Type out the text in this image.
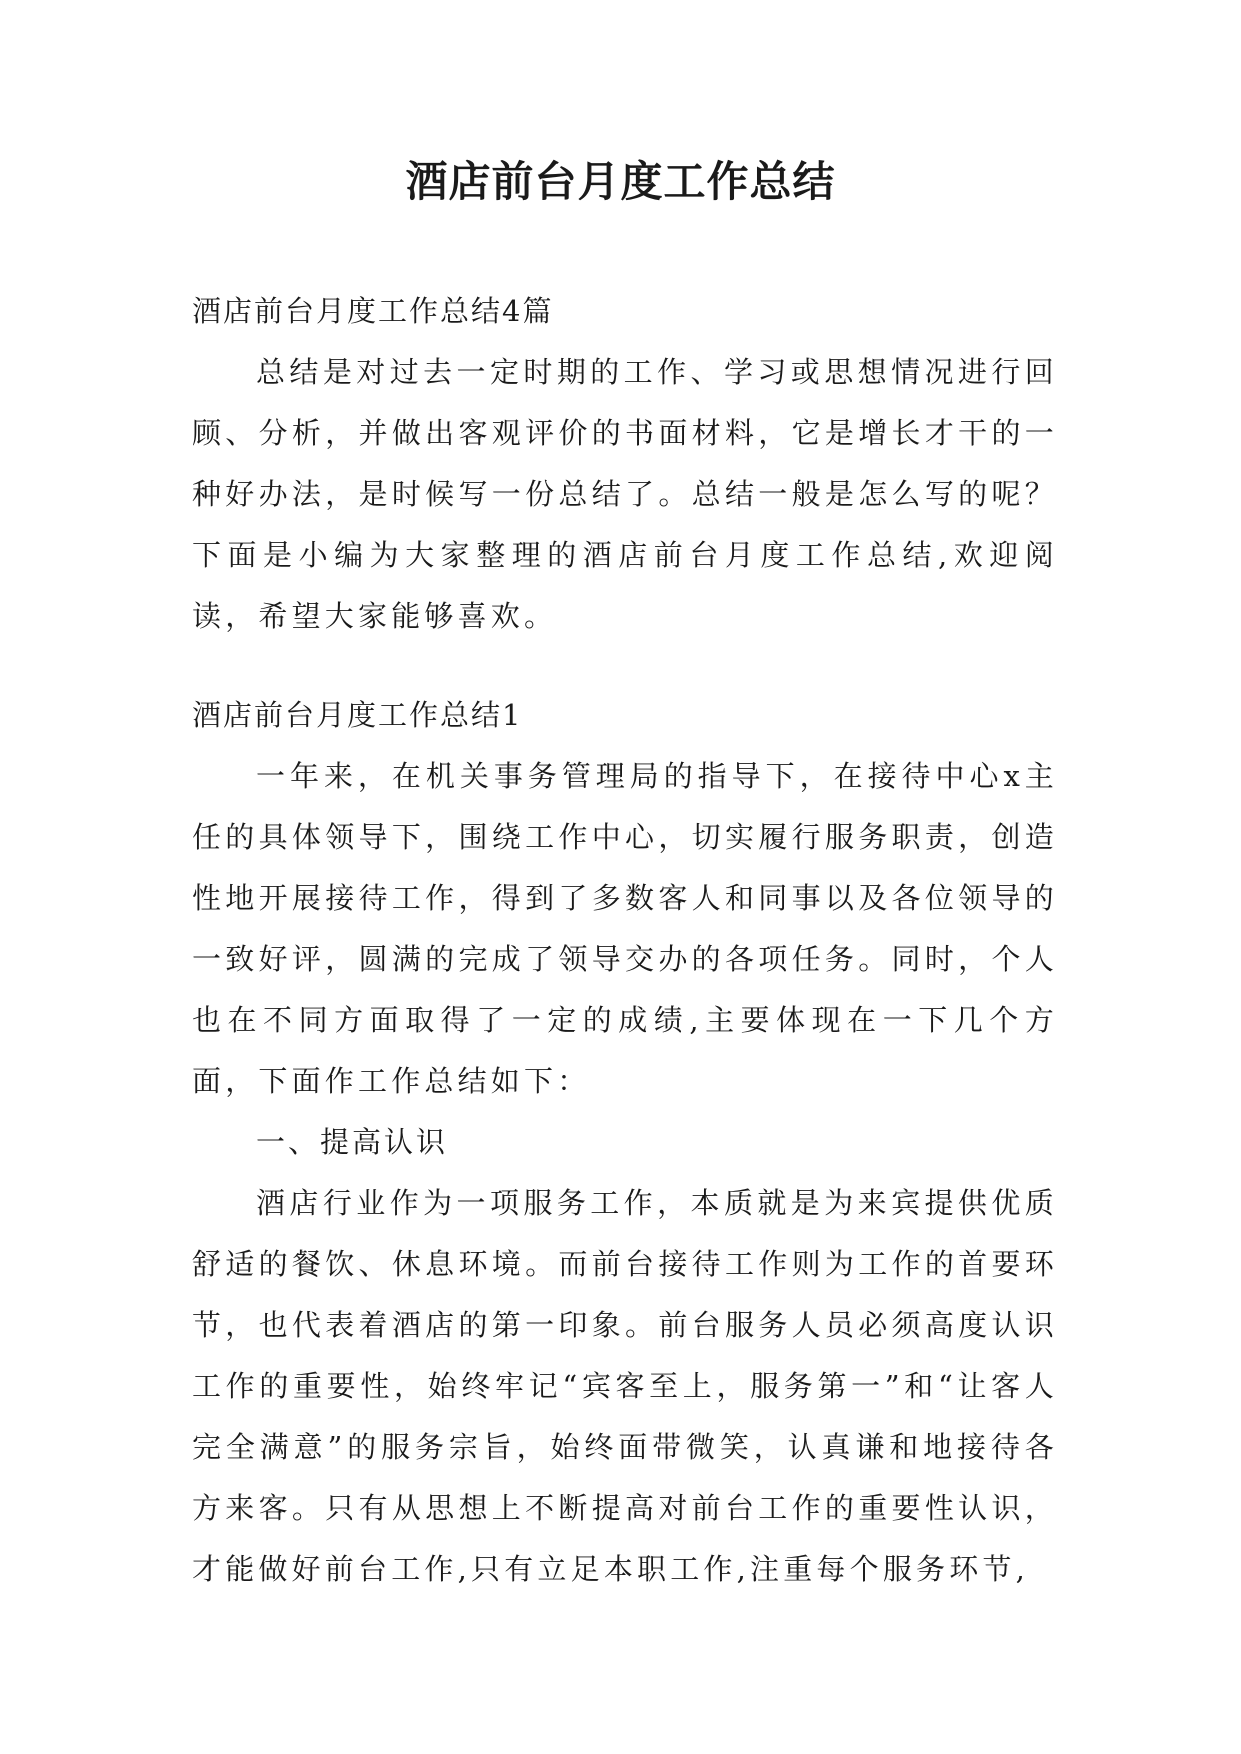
酒店前台月度工作总结

酒店前台月度工作总结4篇

总结是对过去一定时期的工作、学习或思想情况进行回顾、分析，并做出客观评价的书面材料，它是增长才干的一种好办法，是时候写一份总结了。总结一般是怎么写的呢？下面是小编为大家整理的酒店前台月度工作总结,欢迎阅读，希望大家能够喜欢。

酒店前台月度工作总结1

一年来，在机关事务管理局的指导下，在接待中心x主任的具体领导下，围绕工作中心，切实履行服务职责，创造性地开展接待工作，得到了多数客人和同事以及各位领导的一致好评，圆满的完成了领导交办的各项任务。同时，个人也在不同方面取得了一定的成绩,主要体现在一下几个方面，下面作工作总结如下：

一、提高认识

酒店行业作为一项服务工作，本质就是为来宾提供优质舒适的餐饮、休息环境。而前台接待工作则为工作的首要环节，也代表着酒店的第一印象。前台服务人员必须高度认识工作的重要性，始终牢记“宾客至上，服务第一”和“让客人完全满意”的服务宗旨，始终面带微笑，认真谦和地接待各方来客。只有从思想上不断提高对前台工作的重要性认识，才能做好前台工作,只有立足本职工作,注重每个服务环节,
